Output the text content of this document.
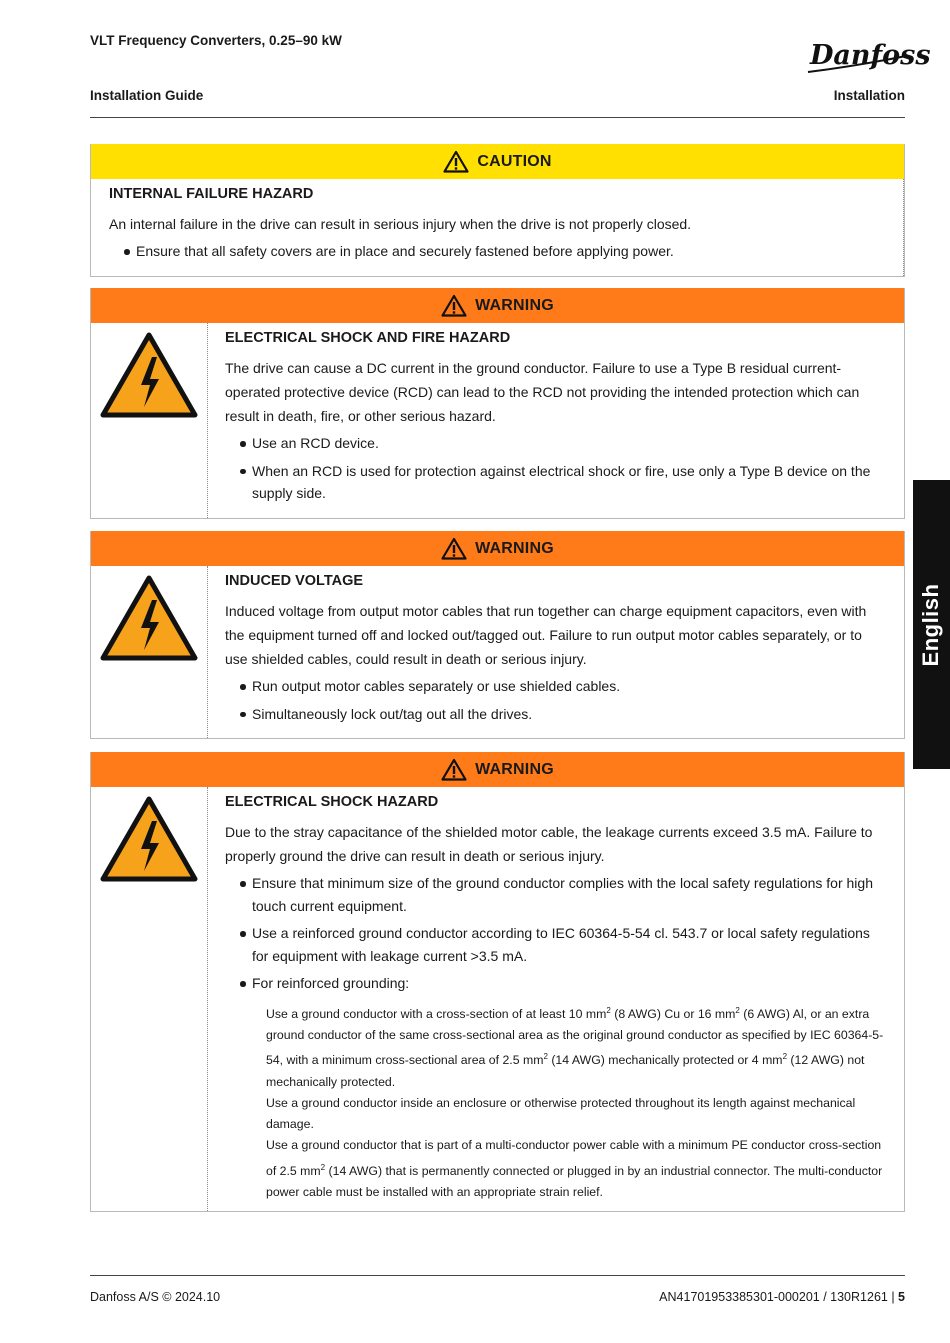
VLT Frequency Converters, 0.25–90 kW
Installation Guide	Installation
Danfoss
CAUTION
INTERNAL FAILURE HAZARD

An internal failure in the drive can result in serious injury when the drive is not properly closed.

Ensure that all safety covers are in place and securely fastened before applying power.
WARNING
ELECTRICAL SHOCK AND FIRE HAZARD

The drive can cause a DC current in the ground conductor. Failure to use a Type B residual current-operated protective device (RCD) can lead to the RCD not providing the intended protection which can result in death, fire, or other serious hazard.

Use an RCD device.
When an RCD is used for protection against electrical shock or fire, use only a Type B device on the supply side.
WARNING
INDUCED VOLTAGE

Induced voltage from output motor cables that run together can charge equipment capacitors, even with the equipment turned off and locked out/tagged out. Failure to run output motor cables separately, or to use shielded cables, could result in death or serious injury.

Run output motor cables separately or use shielded cables.
Simultaneously lock out/tag out all the drives.
WARNING
ELECTRICAL SHOCK HAZARD

Due to the stray capacitance of the shielded motor cable, the leakage currents exceed 3.5 mA. Failure to properly ground the drive can result in death or serious injury.

Ensure that minimum size of the ground conductor complies with the local safety regulations for high touch current equipment.
Use a reinforced ground conductor according to IEC 60364-5-54 cl. 543.7 or local safety regulations for equipment with leakage current >3.5 mA.
For reinforced grounding:

Use a ground conductor with a cross-section of at least 10 $mm^2$ (8 AWG) Cu or 16 $mm^2$ (6 AWG) Al, or an extra ground conductor of the same cross-sectional area as the original ground conductor as specified by IEC 60364-5-54, with a minimum cross-sectional area of 2.5 $mm^2$ (14 AWG) mechanically protected or 4 $mm^2$ (12 AWG) not mechanically protected.

Use a ground conductor inside an enclosure or otherwise protected throughout its length against mechanical damage.

Use a ground conductor that is part of a multi-conductor power cable with a minimum PE conductor cross-section of 2.5 $mm^2$ (14 AWG) that is permanently connected or plugged in by an industrial connector. The multi-conductor power cable must be installed with an appropriate strain relief.

English
Danfoss A/S © 2024.10	AN41701953385301-000201 / 130R1261 | 5
